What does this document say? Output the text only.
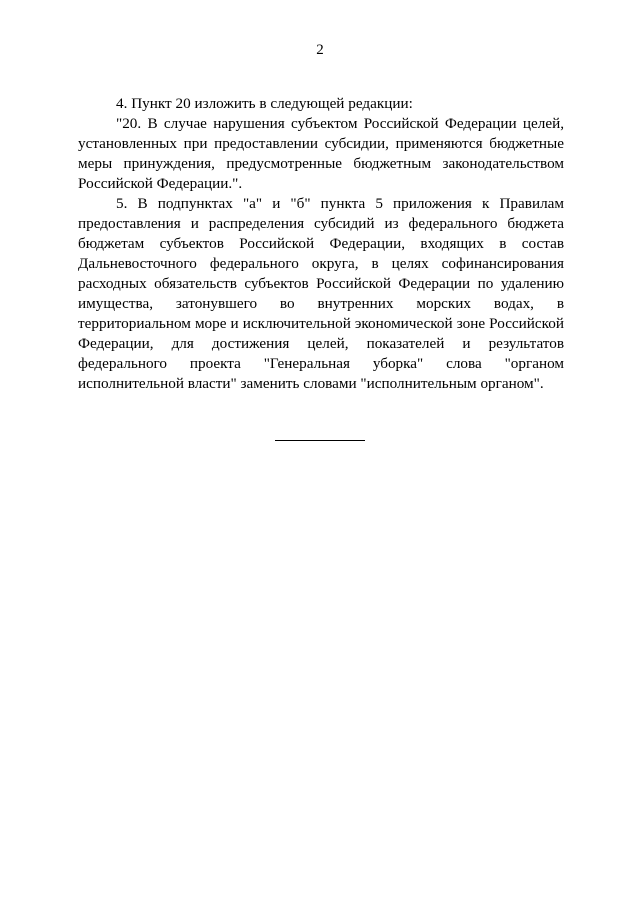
2

4. Пункт 20 изложить в следующей редакции:

"20. В случае нарушения субъектом Российской Федерации целей, установленных при предоставлении субсидии, применяются бюджетные меры принуждения, предусмотренные бюджетным законодательством Российской Федерации.".

5. В подпунктах "а" и "б" пункта 5 приложения к Правилам предоставления и распределения субсидий из федерального бюджета бюджетам субъектов Российской Федерации, входящих в состав Дальневосточного федерального округа, в целях софинансирования расходных обязательств субъектов Российской Федерации по удалению имущества, затонувшего во внутренних морских водах, в территориальном море и исключительной экономической зоне Российской Федерации, для достижения целей, показателей и результатов федерального проекта "Генеральная уборка" слова "органом исполнительной власти" заменить словами "исполнительным органом".
